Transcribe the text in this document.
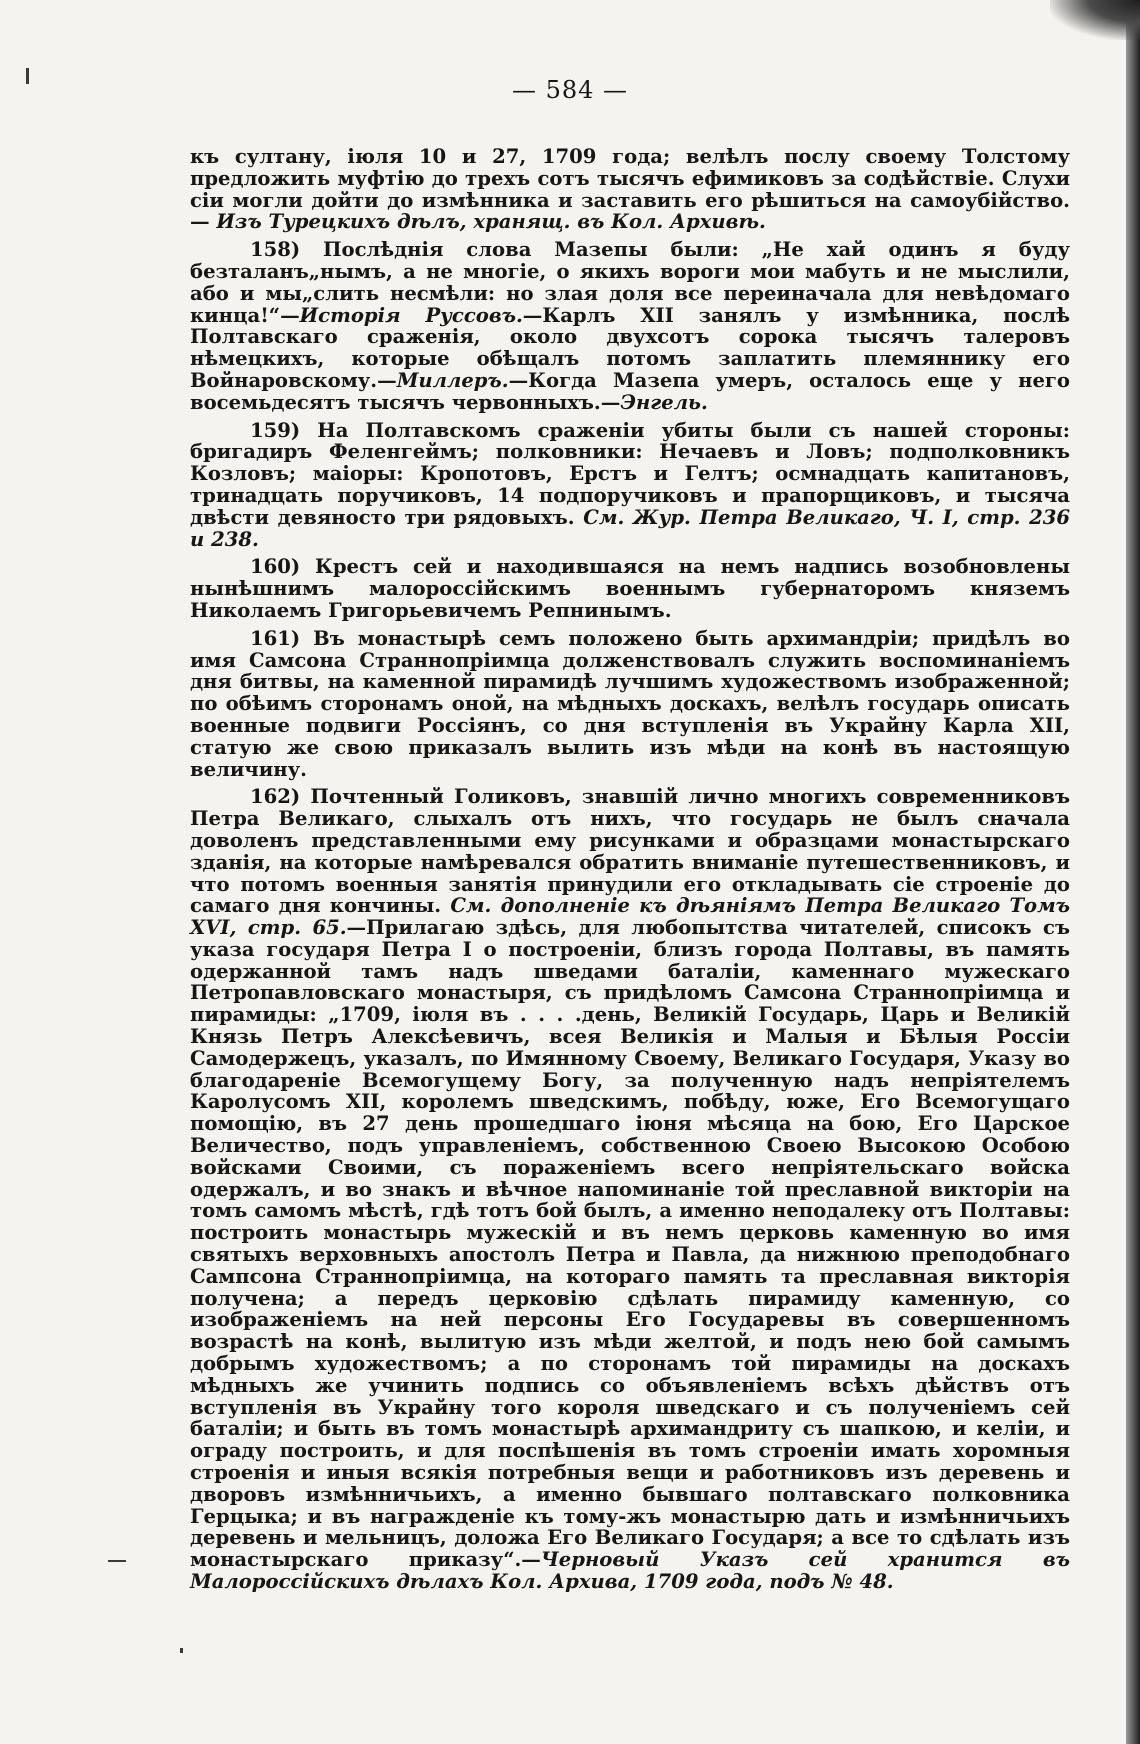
— 584 —

къ султану, іюля 10 и 27, 1709 года; велѣлъ послу своему Толстому предложить муфтію до трехъ сотъ тысячъ ефимиковъ за содѣйствіе. Слухи сіи могли дойти до измѣнника и заставить его рѣшиться на самоубійство.— Изъ Турецкихъ дѣлъ, хранящ. въ Кол. Архивѣ.

158) Послѣднія слова Мазепы были: „Не хай одинъ я буду безталанъ„нымъ, а не многіе, о якихъ вороги мои мабуть и не мыслили, або и мы„слить несмѣли: но злая доля все переиначала для невѣдомаго кинца!“—Исторія Руссовъ.—Карлъ XII занялъ у измѣнника, послѣ Полтавскаго сраженія, около двухсотъ сорока тысячъ талеровъ нѣмецкихъ, которые обѣщалъ потомъ заплатить племяннику его Войнаровскому.—Миллеръ.—Когда Мазепа умеръ, осталось еще у него восемьдесятъ тысячъ червонныхъ.—Энгель.

159) На Полтавскомъ сраженіи убиты были съ нашей стороны: бригадиръ Феленгеймъ; полковники: Нечаевъ и Ловъ; подполковникъ Козловъ; маіоры: Кропотовъ, Ерстъ и Гелтъ; осмнадцать капитановъ, тринадцать поручиковъ, 14 подпоручиковъ и прапорщиковъ, и тысяча двѣсти девяносто три рядовыхъ. См. Жур. Петра Великаго, Ч. I, стр. 236 и 238.

160) Крестъ сей и находившаяся на немъ надпись возобновлены нынѣшнимъ малороссійскимъ военнымъ губернаторомъ княземъ Николаемъ Григорьевичемъ Репнинымъ.

161) Въ монастырѣ семъ положено быть архимандріи; придѣлъ во имя Самсона Страннопріимца долженствовалъ служить воспоминаніемъ дня битвы, на каменной пирамидѣ лучшимъ художествомъ изображенной; по обѣимъ сторонамъ оной, на мѣдныхъ доскахъ, велѣлъ государь описать военные подвиги Россіянъ, со дня вступленія въ Украйну Карла XII, статую же свою приказалъ вылить изъ мѣди на конѣ въ настоящую величину.

162) Почтенный Голиковъ, знавшій лично многихъ современниковъ Петра Великаго, слыхалъ отъ нихъ, что государь не былъ сначала доволенъ представленными ему рисунками и образцами монастырскаго зданія, на которые намѣревался обратить вниманіе путешественниковъ, и что потомъ военныя занятія принудили его откладывать сіе строеніе до самаго дня кончины. См. дополненіе къ дѣяніямъ Петра Великаго Томъ XVI, стр. 65.—Прилагаю здѣсь, для любопытства читателей, списокъ съ указа государя Петра I о построеніи, близъ города Полтавы, въ память одержанной тамъ надъ шведами баталіи, каменнаго мужескаго Петропавловскаго монастыря, съ придѣломъ Самсона Страннопріимца и пирамиды: „1709, іюля въ . . . .день, Великій Государь, Царь и Великій Князь Петръ Алексѣевичъ, всея Великія и Малыя и Бѣлыя Россіи Самодержецъ, указалъ, по Имянному Своему, Великаго Государя, Указу во благодареніе Всемогущему Богу, за полученную надъ непріятелемъ Каролусомъ XII, королемъ шведскимъ, побѣду, юже, Его Всемогущаго помощію, въ 27 день прошедшаго іюня мѣсяца на бою, Его Царское Величество, подъ управленіемъ, собственною Своею Высокою Особою войсками Своими, съ пораженіемъ всего непріятельскаго войска одержалъ, и во знакъ и вѣчное напоминаніе той преславной викторіи на томъ самомъ мѣстѣ, гдѣ тотъ бой былъ, а именно неподалеку отъ Полтавы: построить монастырь мужескій и въ немъ церковь каменную во имя святыхъ верховныхъ апостолъ Петра и Павла, да нижнюю преподобнаго Сампсона Страннопріимца, на котораго память та преславная викторія получена; а передъ церковію сдѣлать пирамиду каменную, со изображеніемъ на ней персоны Его Государевы въ совершенномъ возрастѣ на конѣ, вылитую изъ мѣди желтой, и подъ нею бой самымъ добрымъ художествомъ; а по сторонамъ той пирамиды на доскахъ мѣдныхъ же учинить подпись со объявленіемъ всѣхъ дѣйствъ отъ вступленія въ Украйну того короля шведскаго и съ полученіемъ сей баталіи; и быть въ томъ монастырѣ архимандриту съ шапкою, и келіи, и ограду построить, и для поспѣшенія въ томъ строеніи имать хоромныя строенія и иныя всякія потребныя вещи и работниковъ изъ деревень и дворовъ измѣнничьихъ, а именно бывшаго полтавскаго полковника Герцыка; и въ награжденіе къ тому-жъ монастырю дать и измѣнничьихъ деревень и мельницъ, доложа Его Великаго Государя; а все то сдѣлать изъ монастырскаго приказу“.—Черновый Указъ сей хранится въ Малороссійскихъ дѣлахъ Кол. Архива, 1709 года, подъ № 48.
